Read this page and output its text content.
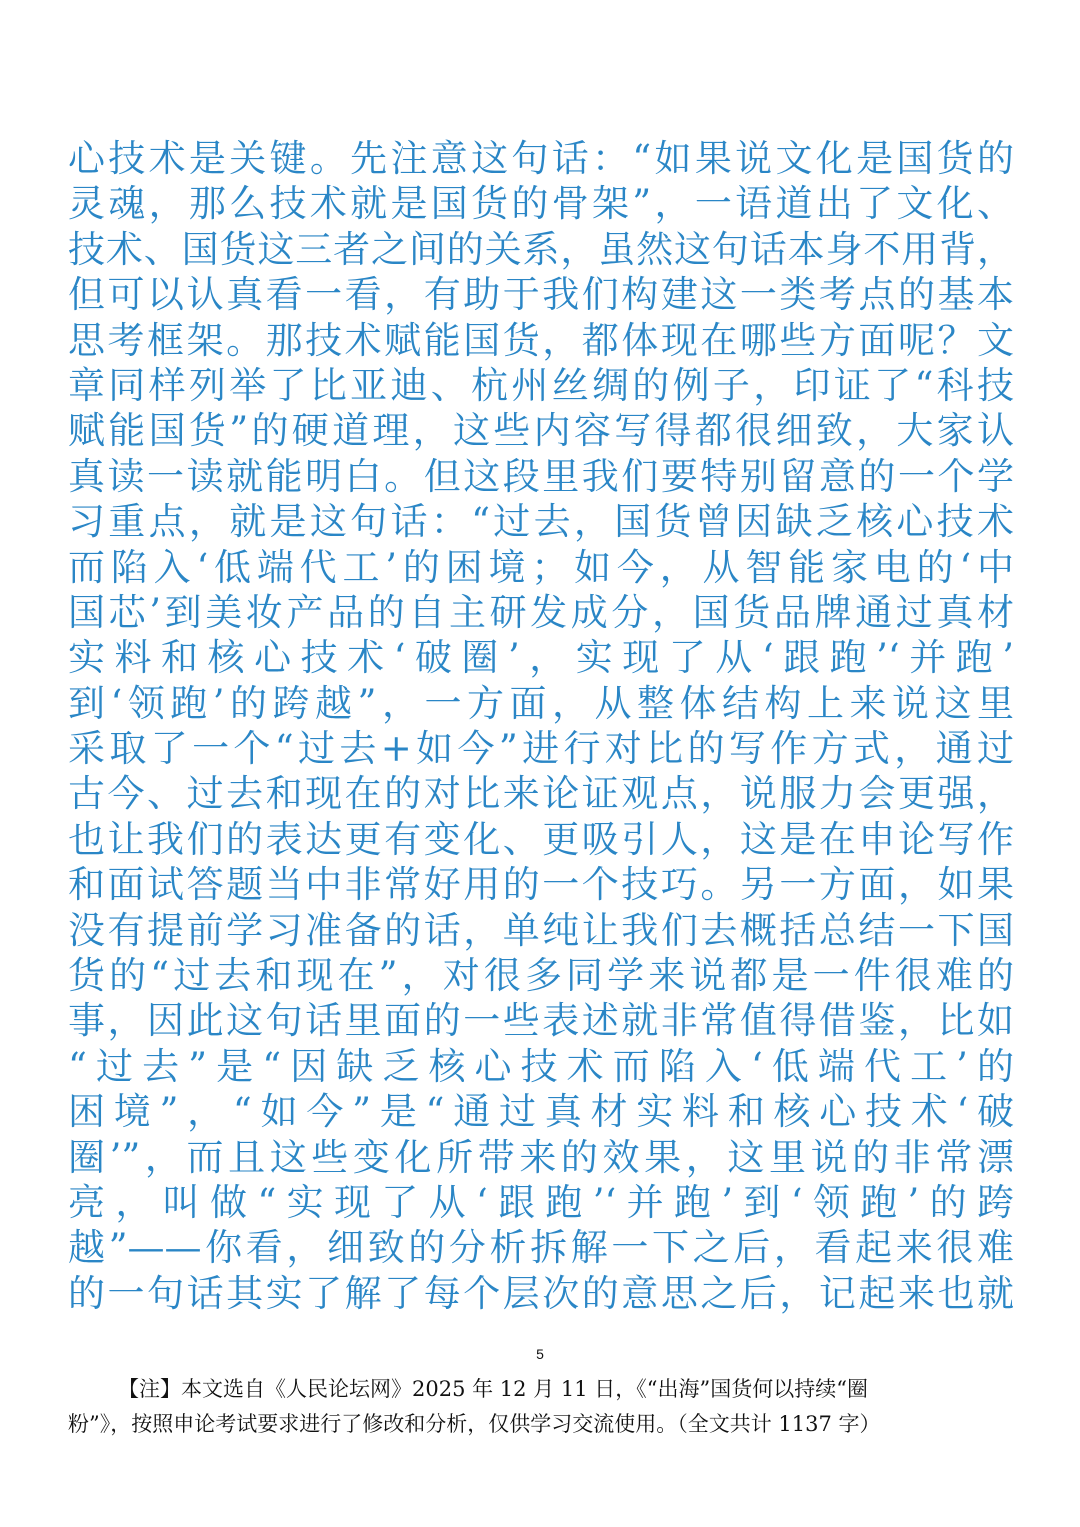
心技术是关键。先注意这句话：“如果说文化是国货的
灵魂，那么技术就是国货的骨架”，一语道出了文化、
技术、国货这三者之间的关系，虽然这句话本身不用背，
但可以认真看一看，有助于我们构建这一类考点的基本
思考框架。那技术赋能国货，都体现在哪些方面呢？文
章同样列举了比亚迪、杭州丝绸的例子，印证了“科技
赋能国货”的硬道理，这些内容写得都很细致，大家认
真读一读就能明白。但这段里我们要特别留意的一个学
习重点，就是这句话：“过去，国货曾因缺乏核心技术
而陷入‘低端代工’的困境；如今，从智能家电的‘中
国芯’到美妆产品的自主研发成分，国货品牌通过真材
实料和核心技术‘破圈’，实现了从‘跟跑’‘并跑’
到‘领跑’的跨越”，一方面，从整体结构上来说这里
采取了一个“过去+如今”进行对比的写作方式，通过
古今、过去和现在的对比来论证观点，说服力会更强，
也让我们的表达更有变化、更吸引人，这是在申论写作
和面试答题当中非常好用的一个技巧。另一方面，如果
没有提前学习准备的话，单纯让我们去概括总结一下国
货的“过去和现在”，对很多同学来说都是一件很难的
事，因此这句话里面的一些表述就非常值得借鉴，比如
“过去”是“因缺乏核心技术而陷入‘低端代工’的
困境”，“如今”是“通过真材实料和核心技术‘破
圈’”，而且这些变化所带来的效果，这里说的非常漂
亮，叫做“实现了从‘跟跑’‘并跑’到‘领跑’的跨
越”——你看，细致的分析拆解一下之后，看起来很难
的一句话其实了解了每个层次的意思之后，记起来也就
5
【注】本文选自《人民论坛网》2025 年 12 月 11 日，《“出海”国货何以持续“圈
粉”》，按照申论考试要求进行了修改和分析，仅供学习交流使用。（全文共计 1137 字）
